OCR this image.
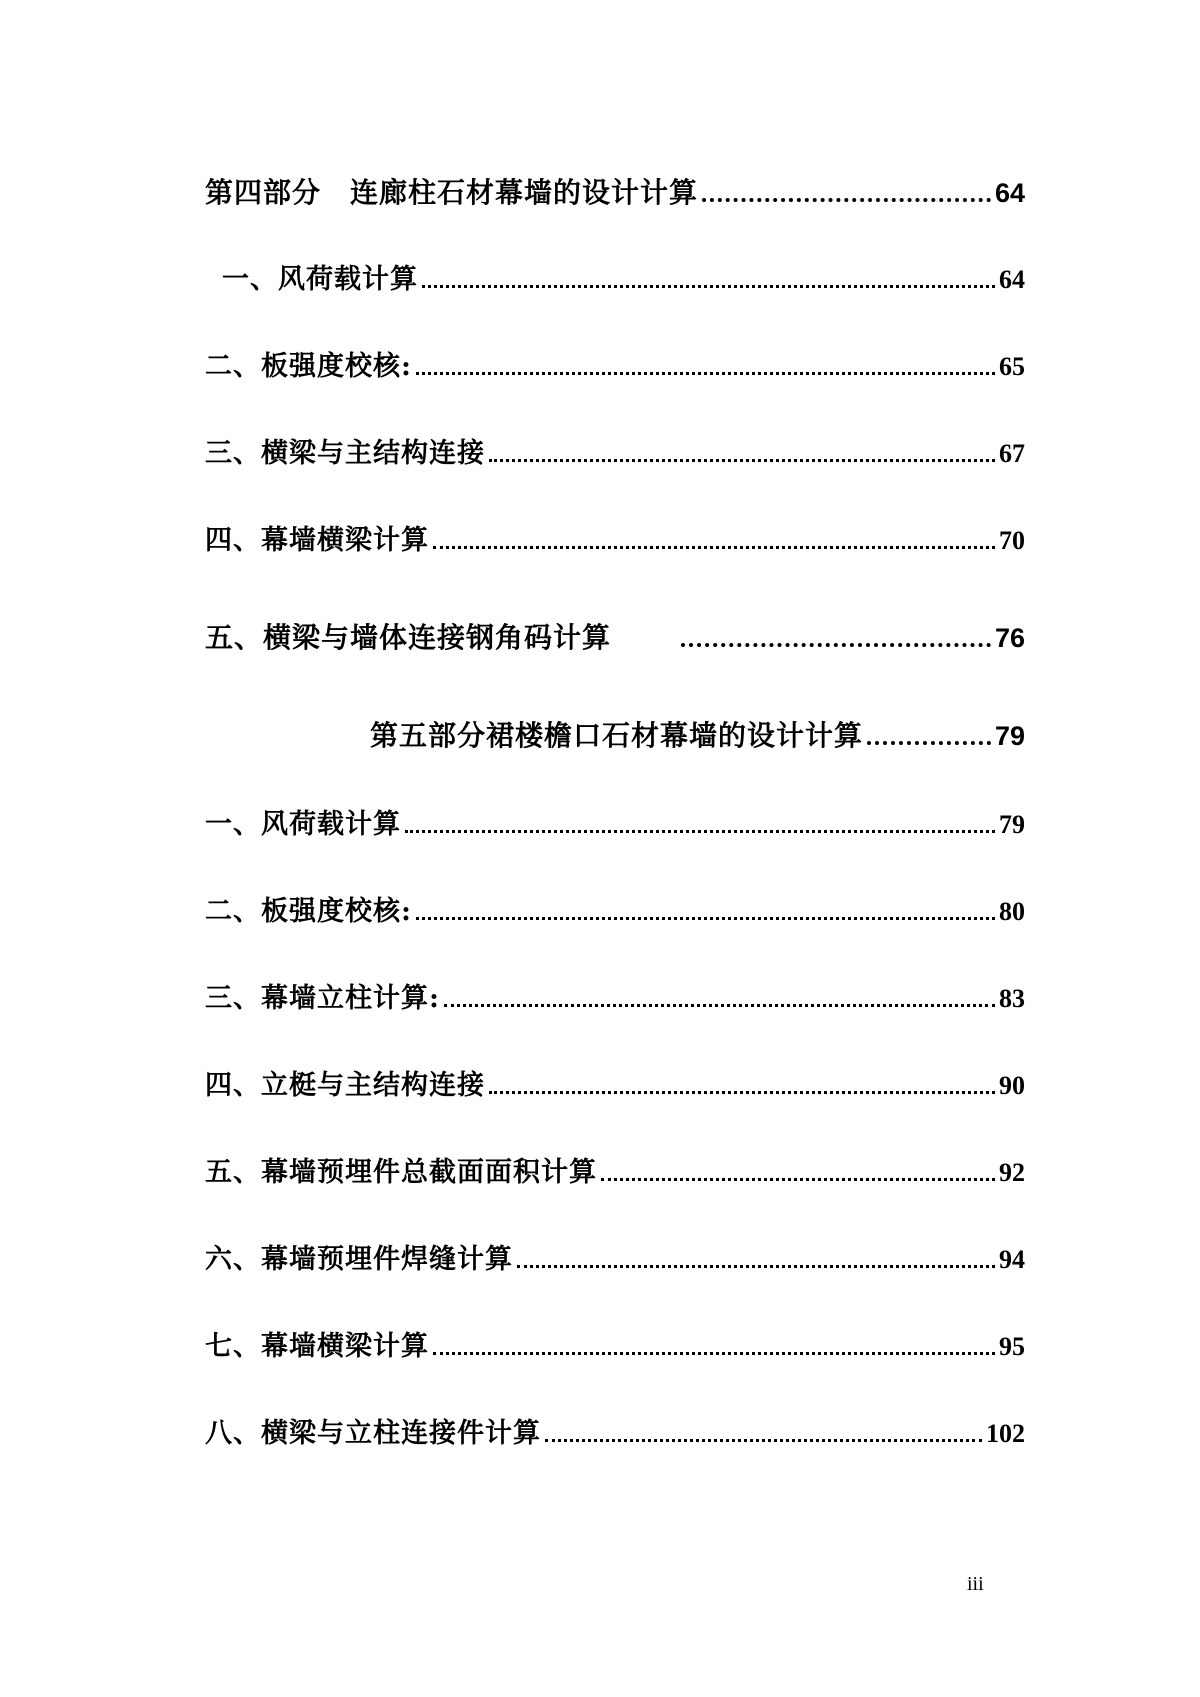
第四部分　连廊柱石材幕墙的设计计算	64
一、风荷载计算	64
二、板强度校核:	65
三、横梁与主结构连接	67
四、幕墙横梁计算	70
五、横梁与墙体连接钢角码计算	76
第五部分裙楼檐口石材幕墙的设计计算	79
一、风荷载计算	79
二、板强度校核:	80
三、幕墙立柱计算:	83
四、立梃与主结构连接	90
五、幕墙预埋件总截面面积计算	92
六、幕墙预埋件焊缝计算	94
七、幕墙横梁计算	95
八、横梁与立柱连接件计算	102
iii
